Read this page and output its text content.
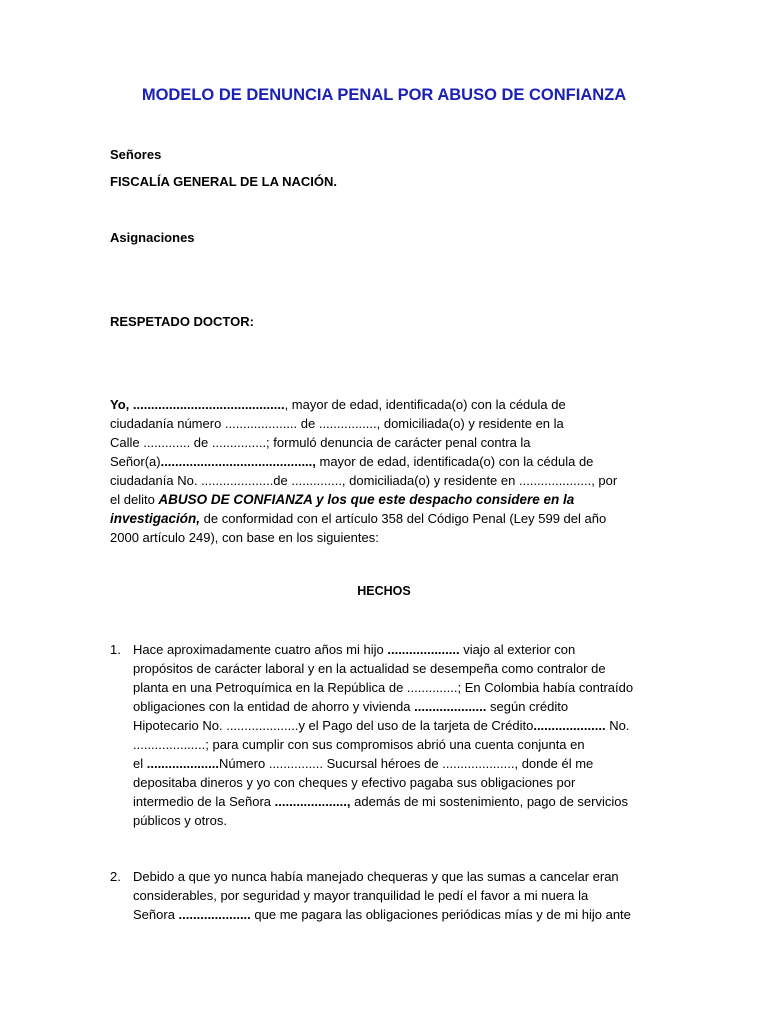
MODELO DE DENUNCIA PENAL POR ABUSO DE CONFIANZA
Señores
FISCALÍA GENERAL DE LA NACIÓN.
Asignaciones
RESPETADO DOCTOR:
Yo, .........................................., mayor de edad, identificada(o) con la cédula de
ciudadanía número .................... de ................, domiciliada(o) y residente en la
Calle ............. de ...............; formuló denuncia de carácter penal contra la
Señor(a).........................................., mayor de edad, identificada(o) con la cédula de
ciudadanía No. ....................de .............., domiciliada(o) y residente en ...................., por
el delito ABUSO DE CONFIANZA y los que este despacho considere en la
investigación, de conformidad con el artículo 358 del Código Penal (Ley 599 del año
2000 artículo 249), con base en los siguientes:
HECHOS
1. Hace aproximadamente cuatro años mi hijo .................... viajo al exterior con
propósitos de carácter laboral y en la actualidad se desempeña como contralor de
planta en una Petroquímica en la República de ..............; En Colombia había contraído
obligaciones con la entidad de ahorro y vivienda .................... según crédito
Hipotecario No. ....................y el Pago del uso de la tarjeta de Crédito.................... No.
....................; para cumplir con sus compromisos abrió una cuenta conjunta en
el ....................Número ............... Sucursal héroes de ...................., donde él me
depositaba dineros y yo con cheques y efectivo pagaba sus obligaciones por
intermedio de la Señora ...................., además de mi sostenimiento, pago de servicios
públicos y otros.
2. Debido a que yo nunca había manejado chequeras y que las sumas a cancelar eran
considerables, por seguridad y mayor tranquilidad le pedí el favor a mi nuera la
Señora .................... que me pagara las obligaciones periódicas mías y de mi hijo ante
